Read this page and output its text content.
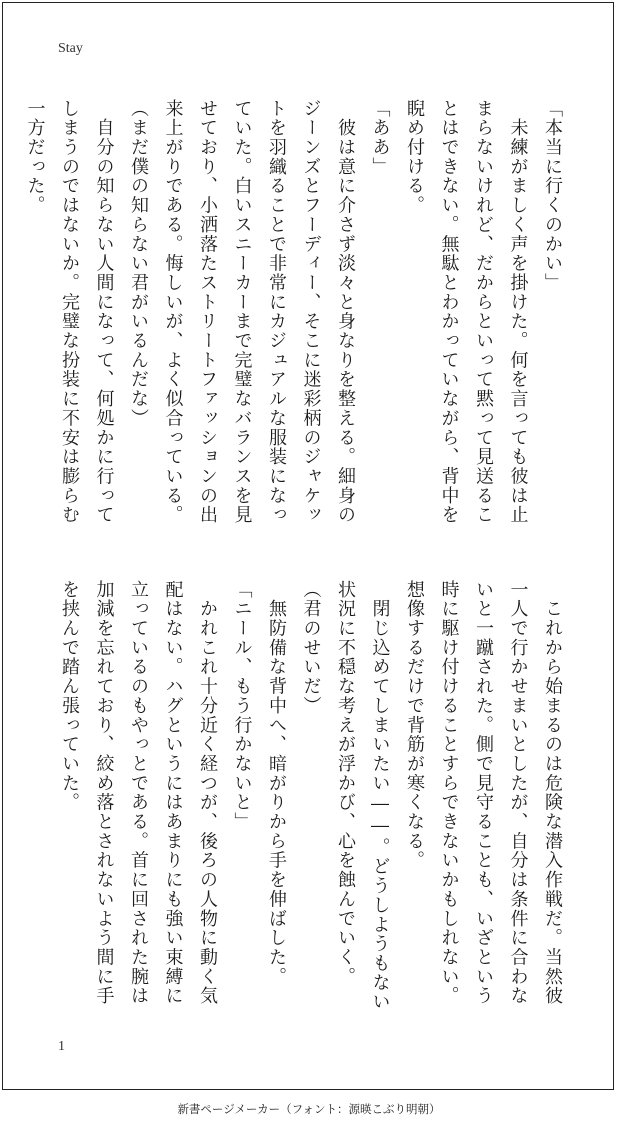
Stay

「本当に行くのかい」

　未練がましく声を掛けた。何を言っても彼は止

まらないけれど、だからといって黙って見送るこ

とはできない。無駄とわかっていながら、背中を

睨め付ける。

「ああ」

　彼は意に介さず淡々と身なりを整える。細身の

ジーンズとフーディー、そこに迷彩柄のジャケッ

トを羽織ることで非常にカジュアルな服装になっ

ていた。白いスニーカーまで完璧なバランスを見

せており、小洒落たストリートファッションの出

来上がりである。悔しいが、よく似合っている。

（まだ僕の知らない君がいるんだな）

　自分の知らない人間になって、何処かに行って

しまうのではないか。完璧な扮装に不安は膨らむ

一方だった。

　これから始まるのは危険な潜入作戦だ。当然彼

一人で行かせまいとしたが、自分は条件に合わな

いと一蹴された。側で見守ることも、いざという

時に駆け付けることすらできないかもしれない。

想像するだけで背筋が寒くなる。

　閉じ込めてしまいたい――。どうしようもない

状況に不穏な考えが浮かび、心を蝕んでいく。

（君のせいだ）

　無防備な背中へ、暗がりから手を伸ばした。

「ニール、もう行かないと」

　かれこれ十分近く経つが、後ろの人物に動く気

配はない。ハグというにはあまりにも強い束縛に

立っているのもやっとである。首に回された腕は

加減を忘れており、絞め落とされないよう間に手

を挟んで踏ん張っていた。

1
新書ページメーカー（フォント：源暎こぶり明朝）
